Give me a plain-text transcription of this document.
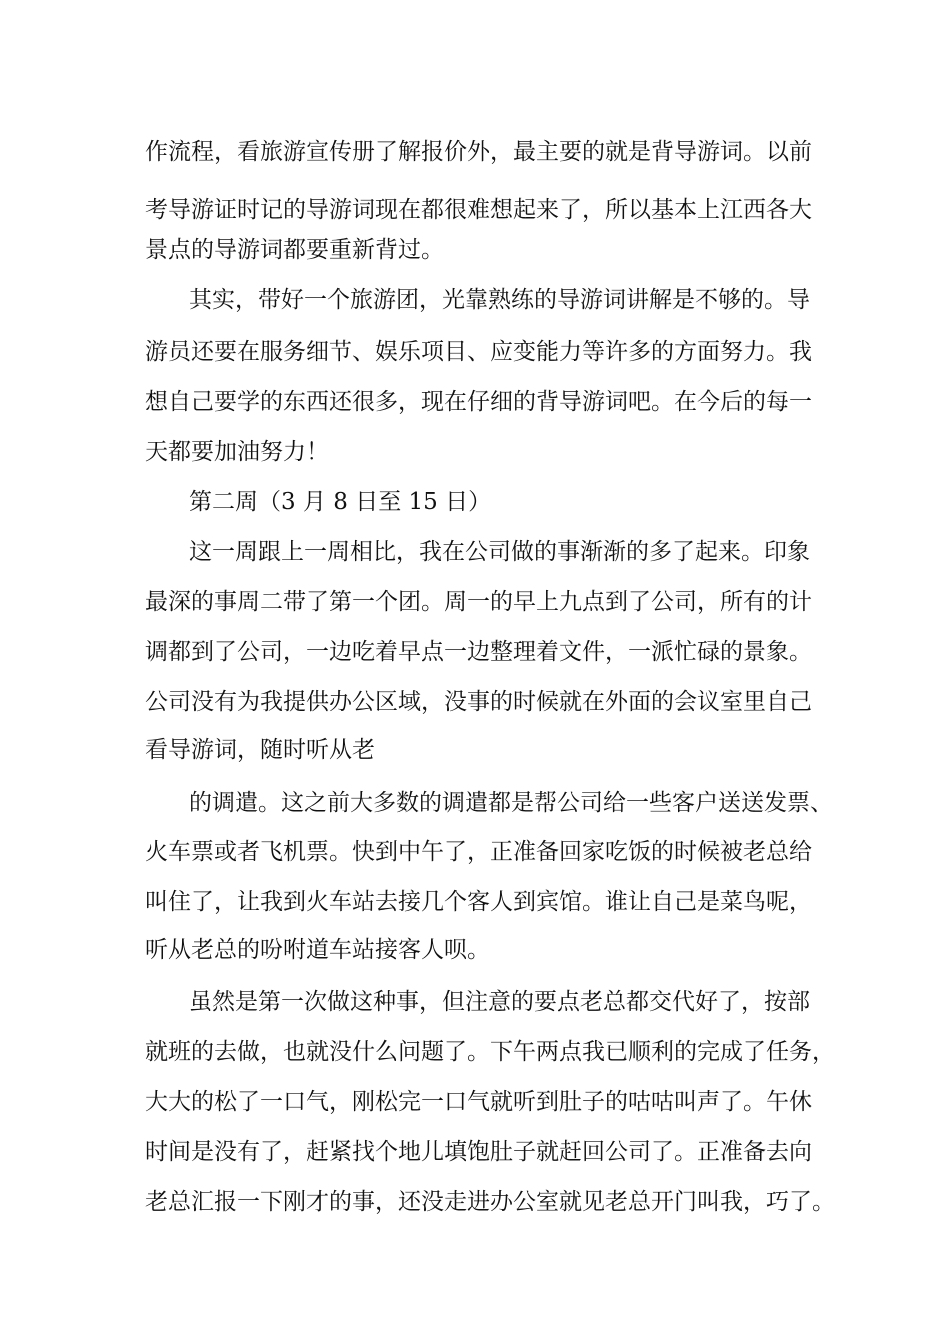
作流程，看旅游宣传册了解报价外，最主要的就是背导游词。以前
考导游证时记的导游词现在都很难想起来了，所以基本上江西各大
景点的导游词都要重新背过。
其实，带好一个旅游团，光靠熟练的导游词讲解是不够的。导
游员还要在服务细节、娱乐项目、应变能力等许多的方面努力。我
想自己要学的东西还很多，现在仔细的背导游词吧。在今后的每一
天都要加油努力！
第二周（3 月 8 日至 15 日）
这一周跟上一周相比，我在公司做的事渐渐的多了起来。印象
最深的事周二带了第一个团。周一的早上九点到了公司，所有的计
调都到了公司，一边吃着早点一边整理着文件，一派忙碌的景象。
公司没有为我提供办公区域，没事的时候就在外面的会议室里自己
看导游词，随时听从老
的调遣。这之前大多数的调遣都是帮公司给一些客户送送发票、
火车票或者飞机票。快到中午了，正准备回家吃饭的时候被老总给
叫住了，让我到火车站去接几个客人到宾馆。谁让自己是菜鸟呢，
听从老总的吩咐道车站接客人呗。
虽然是第一次做这种事，但注意的要点老总都交代好了，按部
就班的去做，也就没什么问题了。下午两点我已顺利的完成了任务，
大大的松了一口气，刚松完一口气就听到肚子的咕咕叫声了。午休
时间是没有了，赶紧找个地儿填饱肚子就赶回公司了。正准备去向
老总汇报一下刚才的事，还没走进办公室就见老总开门叫我，巧了。
